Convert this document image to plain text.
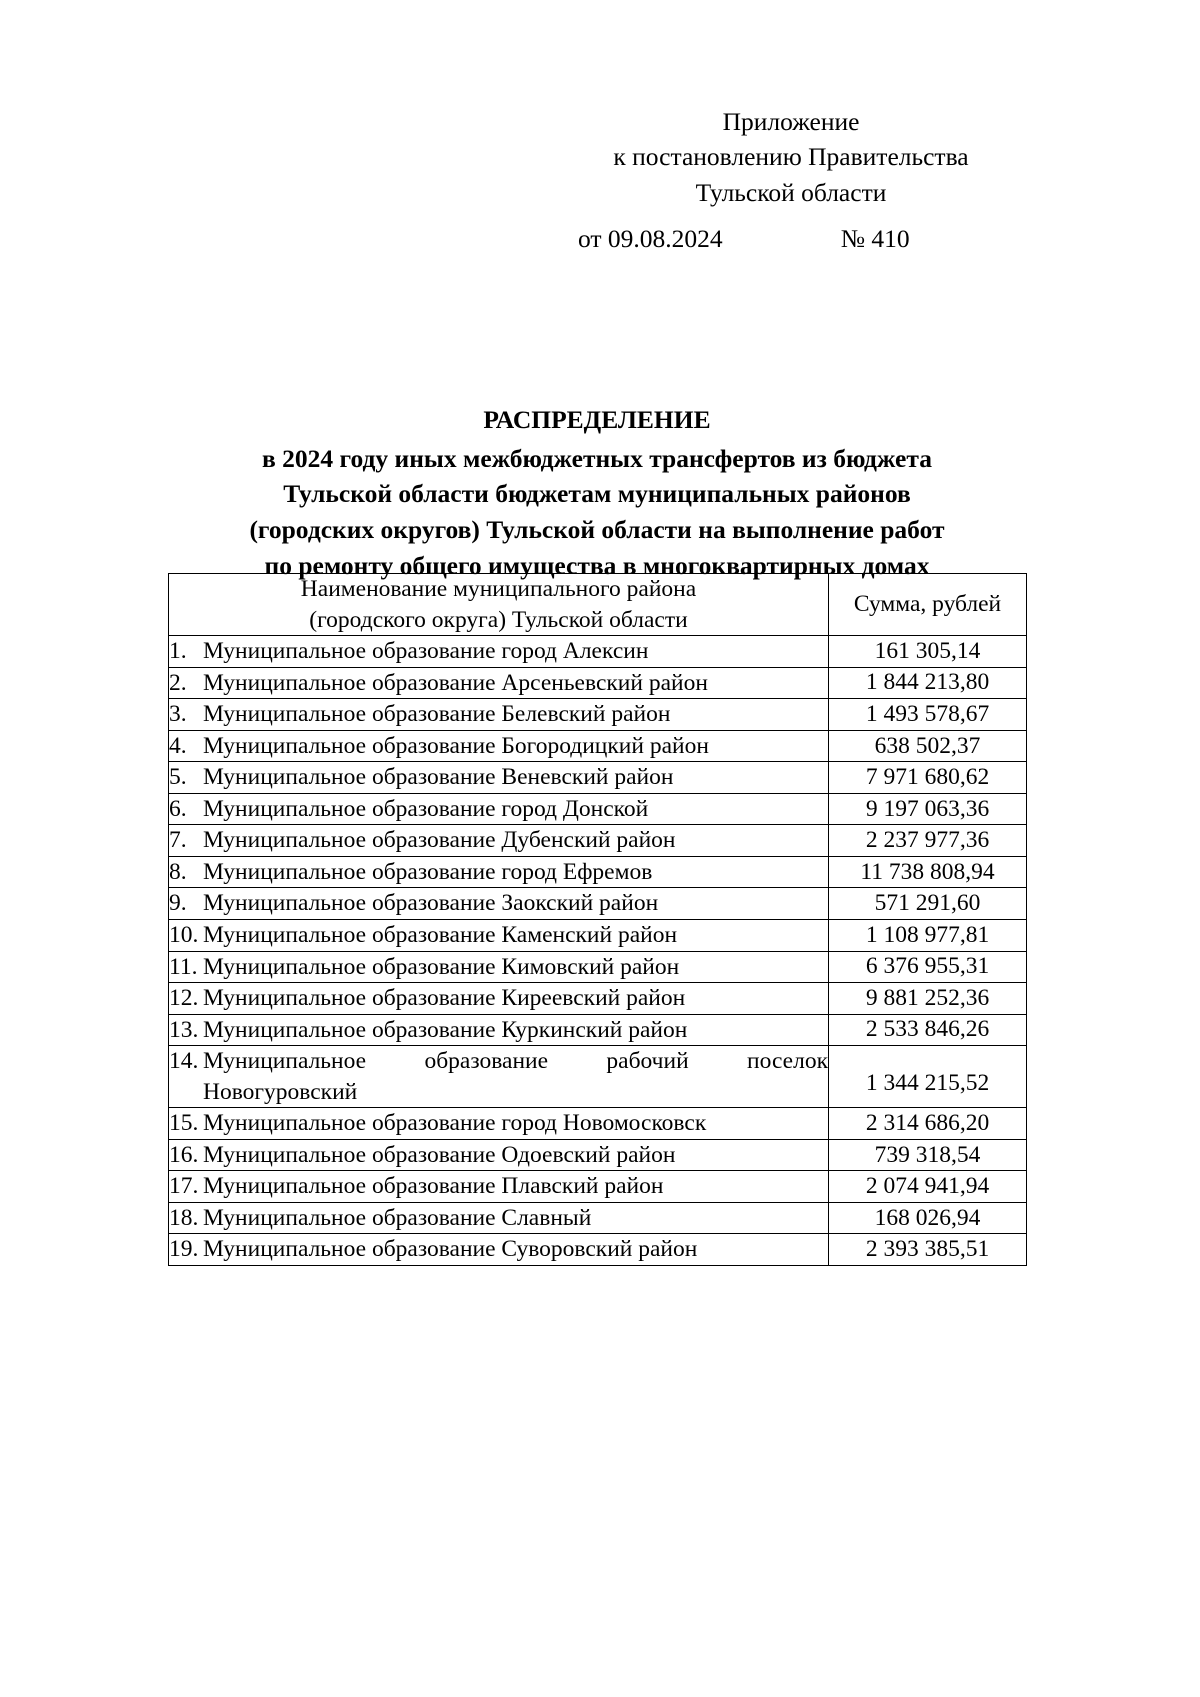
Приложение
к постановлению Правительства
Тульской области
от 09.08.2024	№ 410
РАСПРЕДЕЛЕНИЕ
в 2024 году иных межбюджетных трансфертов из бюджета
Тульской области бюджетам муниципальных районов
(городских округов) Тульской области на выполнение работ
по ремонту общего имущества в многоквартирных домах
Наименование муниципального района
(городского округа) Тульской области	Сумма, рублей

1. Муниципальное образование город Алексин	161 305,14

2. Муниципальное образование Арсеньевский район	1 844 213,80

3. Муниципальное образование Белевский район	1 493 578,67

4. Муниципальное образование Богородицкий район	638 502,37

5. Муниципальное образование Веневский район	7 971 680,62

6. Муниципальное образование город Донской	9 197 063,36

7. Муниципальное образование Дубенский район	2 237 977,36

8. Муниципальное образование город Ефремов	11 738 808,94

9. Муниципальное образование Заокский район	571 291,60

10. Муниципальное образование Каменский район	1 108 977,81

11. Муниципальное образование Кимовский район	6 376 955,31

12. Муниципальное образование Киреевский район	9 881 252,36

13. Муниципальное образование Куркинский район	2 533 846,26

14. Муниципальное образование рабочий поселок
Новогуровский	1 344 215,52

15. Муниципальное образование город Новомосковск	2 314 686,20

16. Муниципальное образование Одоевский район	739 318,54

17. Муниципальное образование Плавский район	2 074 941,94

18. Муниципальное образование Славный	168 026,94

19. Муниципальное образование Суворовский район	2 393 385,51
